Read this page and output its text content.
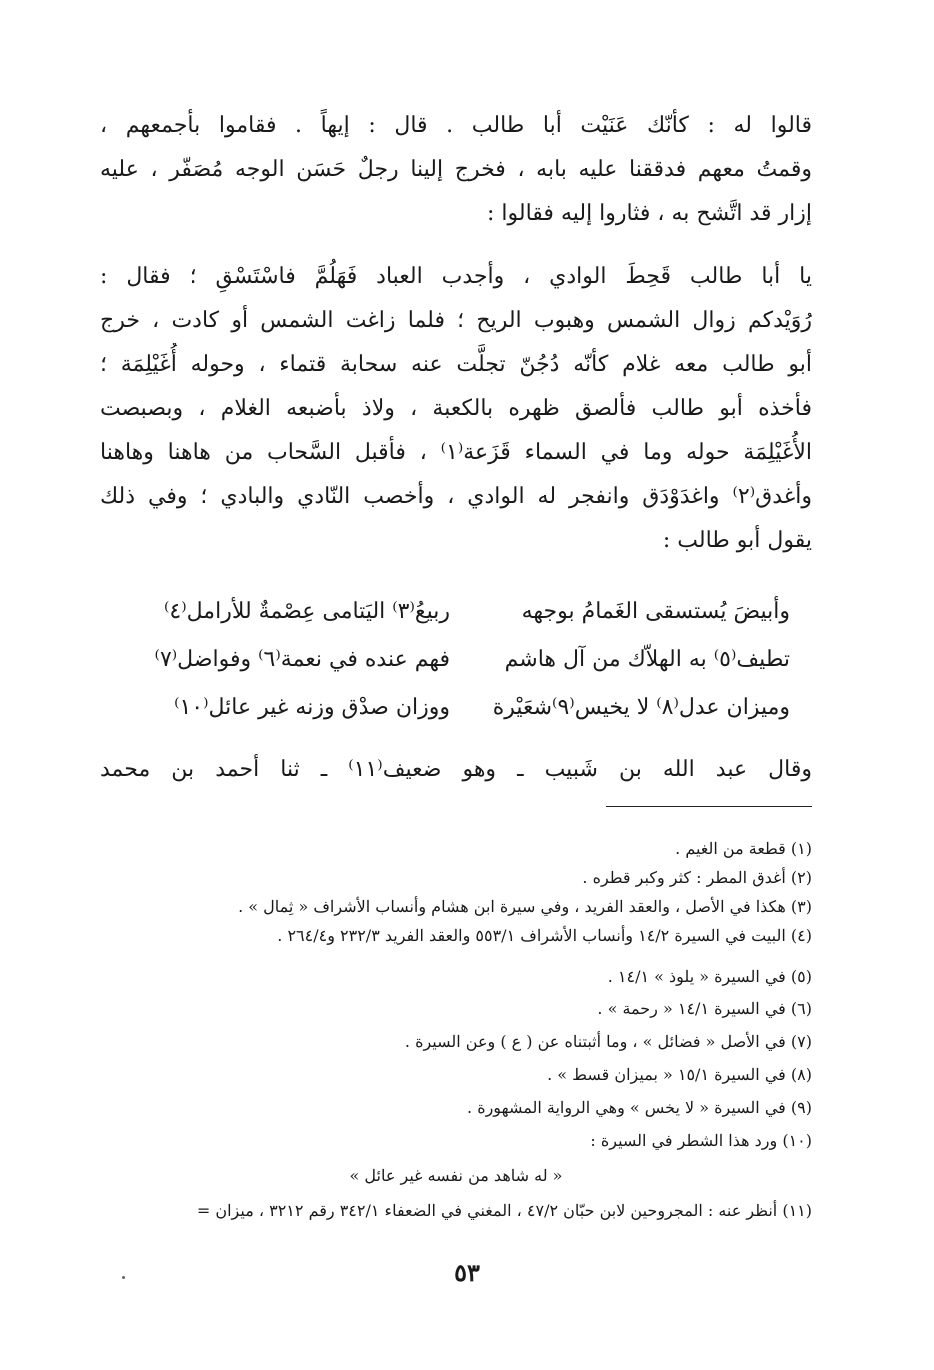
قالوا له : كأنّك عَنَيْت أبا طالب . قال : إيهاً . فقاموا بأجمعهم ،
وقمتُ معهم فدققنا عليه بابه ، فخرج إلينا رجلٌ حَسَن الوجه مُصَفّر ، عليه
إزار قد اتَّشح به ، فثاروا إليه فقالوا :
يا أبا طالب قَحِطَ الوادي ، وأجدب العباد فَهَلُمَّ فاسْتَسْقِ ؛ فقال :
رُوَيْدكم زوال الشمس وهبوب الريح ؛ فلما زاغت الشمس أو كادت ، خرج
أبو طالب معه غلام كأنّه دُجُنّ تجلَّت عنه سحابة قتماء ، وحوله أُغَيْلِمَة ؛
فأخذه أبو طالب فألصق ظهره بالكعبة ، ولاذ بأضبعه الغلام ، وبصبصت
الأُغَيْلِمَة حوله وما في السماء قَزَعة⁽١⁾ ، فأقبل السَّحاب من هاهنا وهاهنا
وأغدق⁽٢⁾ واغدَوْدَق وانفجر له الوادي ، وأخصب النّادي والبادي ؛ وفي ذلك
يقول أبو طالب :
وأبيضَ يُستسقى الغَمامُ بوجهه
ربيعُ⁽٣⁾ اليَتامى عِصْمةٌ للأرامل⁽٤⁾
تطيف⁽٥⁾ به الهلاّك من آل هاشم
فهم عنده في نعمة⁽٦⁾ وفواضل⁽٧⁾
وميزان عدل⁽٨⁾ لا يخيس⁽٩⁾شعَيْرة
ووزان صدْق وزنه غير عائل⁽١٠⁾
وقال عبد الله بن شَبيب ـ وهو ضعيف⁽١١⁾ ـ ثنا أحمد بن محمد
(١) قطعة من الغيم .
(٢) أغدق المطر : كثر وكبر قطره .
(٣) هكذا في الأصل ، والعقد الفريد ، وفي سيرة ابن هشام وأنساب الأشراف « ثِمال » .
(٤) البيت في السيرة ١٤/٢ وأنساب الأشراف ٥٥٣/١ والعقد الفريد ٢٣٢/٣ و٢٦٤/٤ .
(٥) في السيرة « يلوذ » ١٤/١ .
(٦) في السيرة ١٤/١ « رحمة » .
(٧) في الأصل « فضائل » ، وما أثبتناه عن ( ع ) وعن السيرة .
(٨) في السيرة ١٥/١ « بميزان قسط » .
(٩) في السيرة « لا يخس » وهي الرواية المشهورة .
(١٠) ورد هذا الشطر في السيرة :
« له شاهد من نفسه غير عائل »
(١١) أنظر عنه : المجروحين لابن حبّان ٤٧/٢ ، المغني في الضعفاء ٣٤٢/١ رقم ٣٢١٢ ، ميزان =
٥٣
